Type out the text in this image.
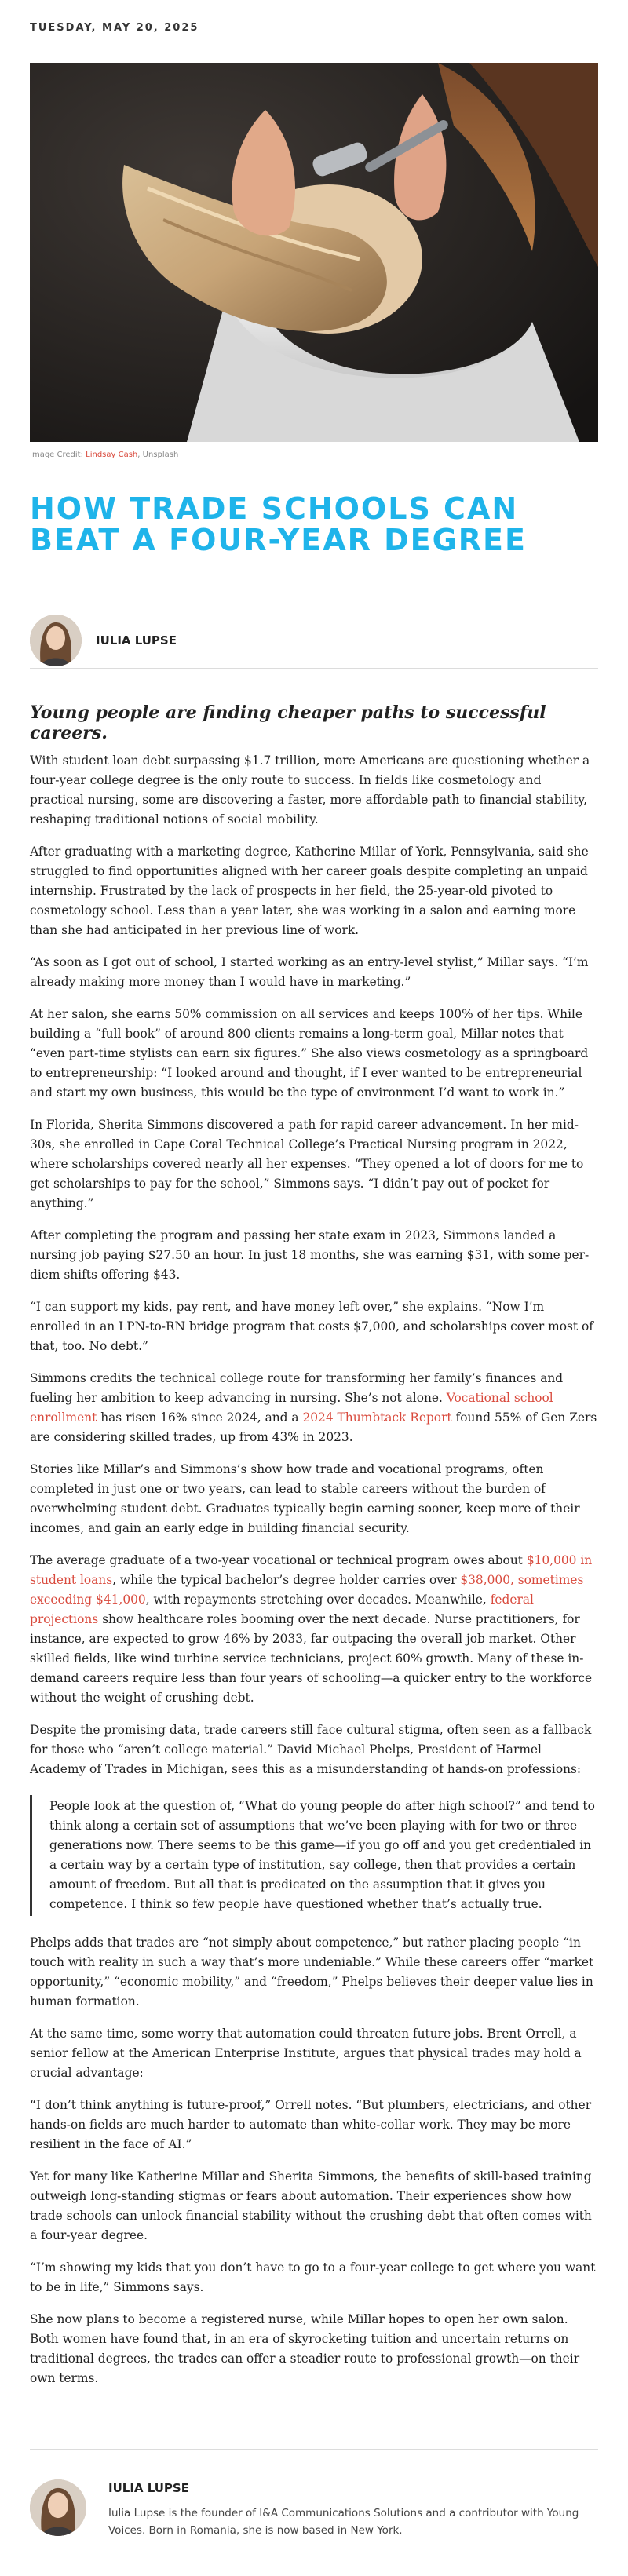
TUESDAY, MAY 20, 2025
Image Credit: Lindsay Cash, Unsplash
HOW TRADE SCHOOLS CAN BEAT A FOUR-YEAR DEGREE
IULIA LUPSE
Young people are finding cheaper paths to successful careers.

With student loan debt surpassing $1.7 trillion, more Americans are questioning whether a four-year college degree is the only route to success. In fields like cosmetology and practical nursing, some are discovering a faster, more affordable path to financial stability, reshaping traditional notions of social mobility.

After graduating with a marketing degree, Katherine Millar of York, Pennsylvania, said she struggled to find opportunities aligned with her career goals despite completing an unpaid internship. Frustrated by the lack of prospects in her field, the 25-year-old pivoted to cosmetology school. Less than a year later, she was working in a salon and earning more than she had anticipated in her previous line of work.

“As soon as I got out of school, I started working as an entry-level stylist,” Millar says. “I’m already making more money than I would have in marketing.”

At her salon, she earns 50% commission on all services and keeps 100% of her tips. While building a “full book” of around 800 clients remains a long-term goal, Millar notes that “even part-time stylists can earn six figures.” She also views cosmetology as a springboard to entrepreneurship: “I looked around and thought, if I ever wanted to be entrepreneurial and start my own business, this would be the type of environment I’d want to work in.”

In Florida, Sherita Simmons discovered a path for rapid career advancement. In her mid-30s, she enrolled in Cape Coral Technical College’s Practical Nursing program in 2022, where scholarships covered nearly all her expenses. “They opened a lot of doors for me to get scholarships to pay for the school,” Simmons says. “I didn’t pay out of pocket for anything.”

After completing the program and passing her state exam in 2023, Simmons landed a nursing job paying $27.50 an hour. In just 18 months, she was earning $31, with some per-diem shifts offering $43.

“I can support my kids, pay rent, and have money left over,” she explains. “Now I’m enrolled in an LPN-to-RN bridge program that costs $7,000, and scholarships cover most of that, too. No debt.”

Simmons credits the technical college route for transforming her family’s finances and fueling her ambition to keep advancing in nursing. She’s not alone. Vocational school enrollment has risen 16% since 2024, and a 2024 Thumbtack Report found 55% of Gen Zers are considering skilled trades, up from 43% in 2023.

Stories like Millar’s and Simmons’s show how trade and vocational programs, often completed in just one or two years, can lead to stable careers without the burden of overwhelming student debt. Graduates typically begin earning sooner, keep more of their incomes, and gain an early edge in building financial security.

The average graduate of a two-year vocational or technical program owes about $10,000 in student loans, while the typical bachelor’s degree holder carries over $38,000, sometimes exceeding $41,000, with repayments stretching over decades. Meanwhile, federal projections show healthcare roles booming over the next decade. Nurse practitioners, for instance, are expected to grow 46% by 2033, far outpacing the overall job market. Other skilled fields, like wind turbine service technicians, project 60% growth. Many of these in-demand careers require less than four years of schooling—a quicker entry to the workforce without the weight of crushing debt.

Despite the promising data, trade careers still face cultural stigma, often seen as a fallback for those who “aren’t college material.” David Michael Phelps, President of Harmel Academy of Trades in Michigan, sees this as a misunderstanding of hands-on professions:

People look at the question of, “What do young people do after high school?” and tend to think along a certain set of assumptions that we’ve been playing with for two or three generations now. There seems to be this game—if you go off and you get credentialed in a certain way by a certain type of institution, say college, then that provides a certain amount of freedom. But all that is predicated on the assumption that it gives you competence. I think so few people have questioned whether that’s actually true.

Phelps adds that trades are “not simply about competence,” but rather placing people “in touch with reality in such a way that’s more undeniable.” While these careers offer “market opportunity,” “economic mobility,” and “freedom,” Phelps believes their deeper value lies in human formation.

At the same time, some worry that automation could threaten future jobs. Brent Orrell, a senior fellow at the American Enterprise Institute, argues that physical trades may hold a crucial advantage:

“I don’t think anything is future-proof,” Orrell notes. “But plumbers, electricians, and other hands-on fields are much harder to automate than white-collar work. They may be more resilient in the face of AI.”

Yet for many like Katherine Millar and Sherita Simmons, the benefits of skill-based training outweigh long-standing stigmas or fears about automation. Their experiences show how trade schools can unlock financial stability without the crushing debt that often comes with a four-year degree.

“I’m showing my kids that you don’t have to go to a four-year college to get where you want to be in life,” Simmons says.

She now plans to become a registered nurse, while Millar hopes to open her own salon. Both women have found that, in an era of skyrocketing tuition and uncertain returns on traditional degrees, the trades can offer a steadier route to professional growth—on their own terms.

IULIA LUPSE

Iulia Lupse is the founder of I&A Communications Solutions and a contributor with Young Voices. Born in Romania, she is now based in New York.
